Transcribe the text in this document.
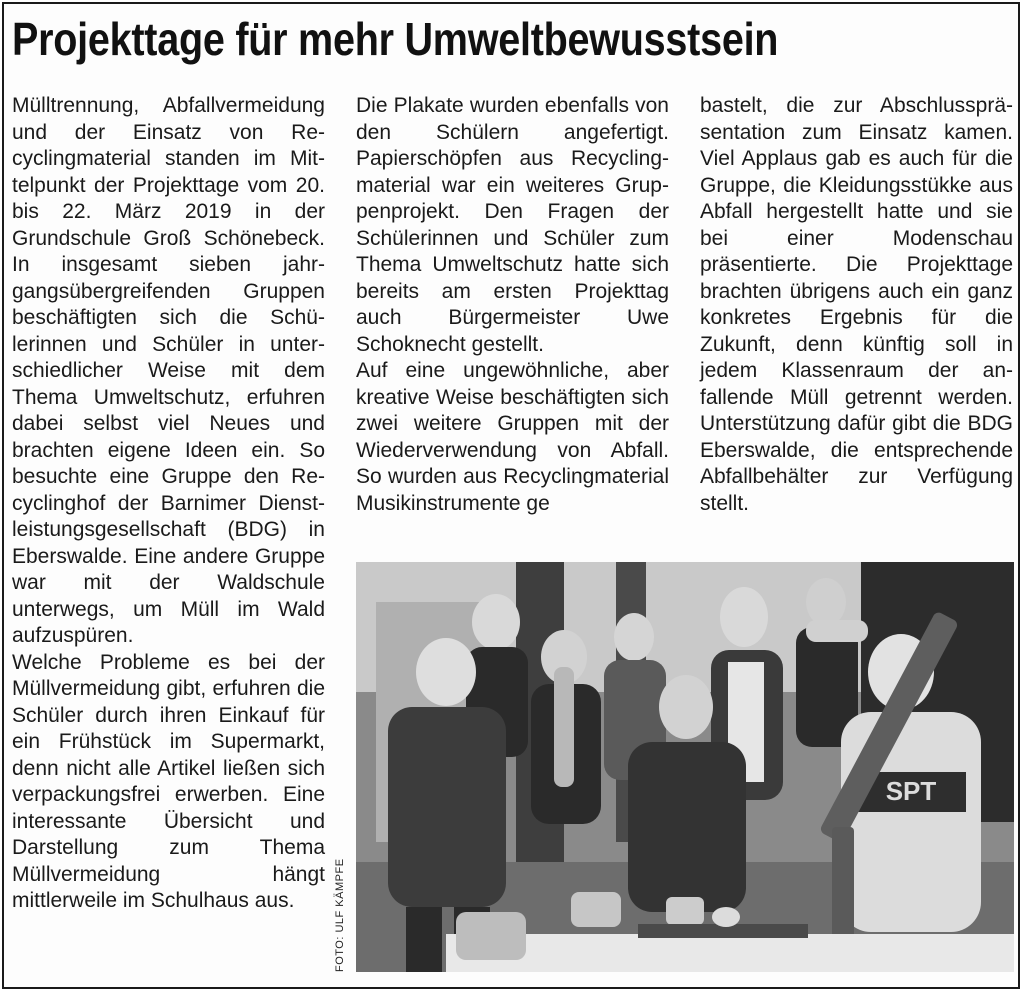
Projekttage für mehr Umweltbewusstsein

Mülltrennung, Abfallvermeidung und der Einsatz von Recyclingmaterial standen im Mittelpunkt der Projekttage vom 20. bis 22. März 2019 in der Grundschule Groß Schönebeck. In insgesamt sieben jahrgangsübergreifenden Gruppen beschäftigten sich die Schülerinnen und Schüler in unterschiedlicher Weise mit dem Thema Umweltschutz, erfuhren dabei selbst viel Neues und brachten eigene Ideen ein. So besuchte eine Gruppe den Recyclinghof der Barnimer Dienstleistungsgesellschaft (BDG) in Eberswalde. Eine andere Gruppe war mit der Waldschule unterwegs, um Müll im Wald aufzuspüren.

Welche Probleme es bei der Müllvermeidung gibt, erfuhren die Schüler durch ihren Einkauf für ein Frühstück im Supermarkt, denn nicht alle Artikel ließen sich verpackungsfrei erwerben. Eine interessante Übersicht und Darstellung zum Thema Müllvermeidung hängt mittlerweile im Schulhaus aus.

Die Plakate wurden ebenfalls von den Schülern angefertigt. Papierschöpfen aus Recyclingmaterial war ein weiteres Gruppenprojekt. Den Fragen der Schülerinnen und Schüler zum Thema Umweltschutz hatte sich bereits am ersten Projekttag auch Bürgermeister Uwe Schoknecht gestellt.

Auf eine ungewöhnliche, aber kreative Weise beschäftigten sich zwei weitere Gruppen mit der Wiederverwendung von Abfall. So wurden aus Recyclingmaterial Musikinstrumente ge

bastelt, die zur Abschlusspräsentation zum Einsatz kamen. Viel Applaus gab es auch für die Gruppe, die Kleidungsstükke aus Abfall hergestellt hatte und sie bei einer Modenschau präsentierte. Die Projekttage brachten übrigens auch ein ganz konkretes Ergebnis für die Zukunft, denn künftig soll in jedem Klassenraum der anfallende Müll getrennt werden. Unterstützung dafür gibt die BDG Eberswalde, die entsprechende Abfallbehälter zur Verfügung stellt.

SPT
FOTO: ULF KÄMPFE
